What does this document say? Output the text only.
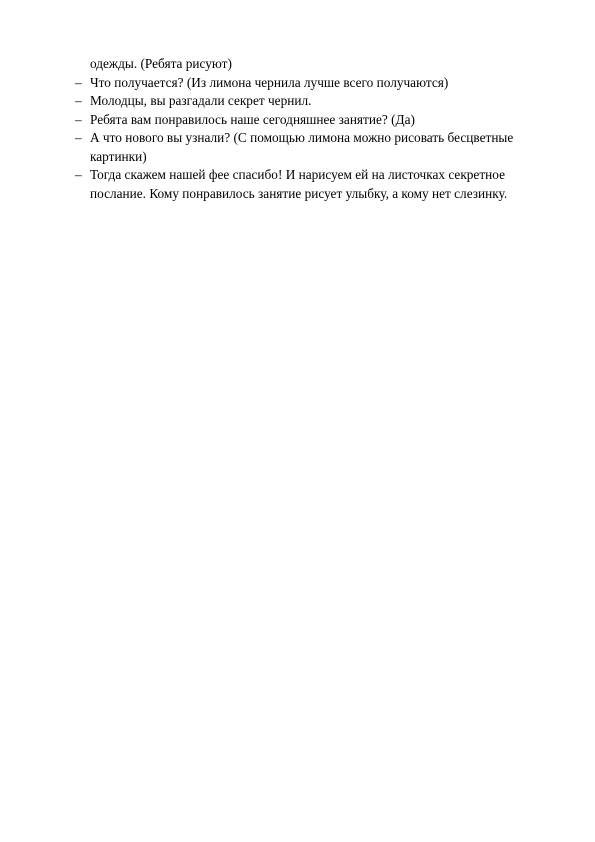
одежды. (Ребята рисуют)

– Что получается? (Из лимона чернила лучше всего получаются)
– Молодцы, вы разгадали секрет чернил.
– Ребята вам понравилось наше сегодняшнее занятие? (Да)
– А что нового вы узнали? (С помощью лимона можно рисовать бесцветные картинки)
– Тогда скажем нашей фее спасибо! И нарисуем ей на листочках секретное послание. Кому понравилось занятие рисует улыбку, а кому нет слезинку.
